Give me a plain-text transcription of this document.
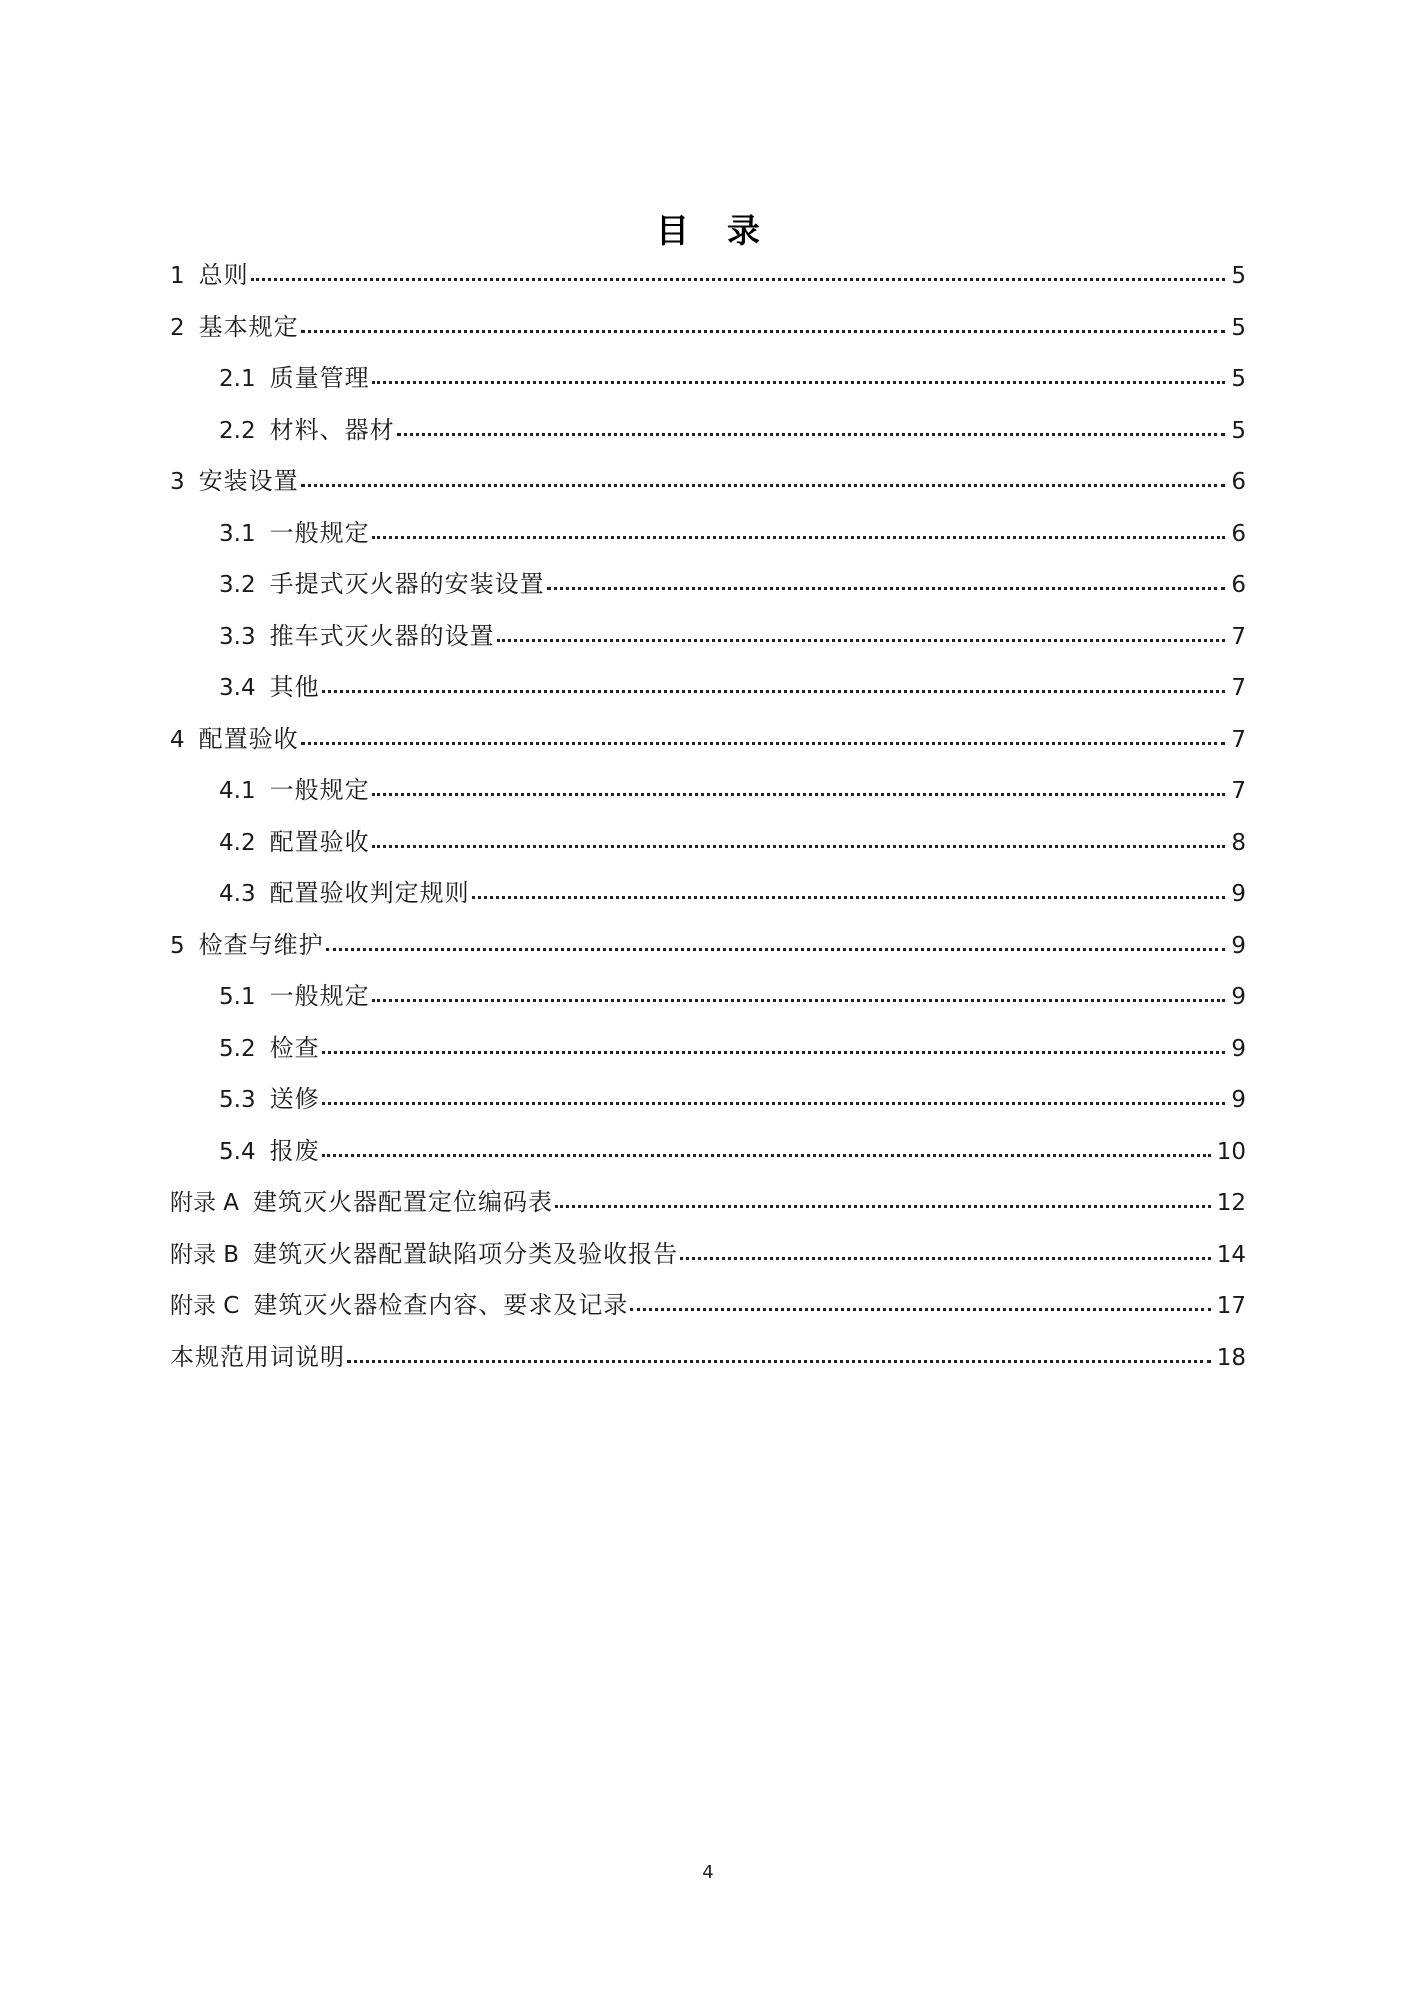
目 录
1 总则	5
2 基本规定	5
2.1 质量管理	5
2.2 材料、器材	5
3 安装设置	6
3.1 一般规定	6
3.2 手提式灭火器的安装设置	6
3.3 推车式灭火器的设置	7
3.4 其他	7
4 配置验收	7
4.1 一般规定	7
4.2 配置验收	8
4.3 配置验收判定规则	9
5 检查与维护	9
5.1 一般规定	9
5.2 检查	9
5.3 送修	9
5.4 报废	10
附录 A 建筑灭火器配置定位编码表	12
附录 B 建筑灭火器配置缺陷项分类及验收报告	14
附录 C 建筑灭火器检查内容、要求及记录	17
本规范用词说明	18
4
